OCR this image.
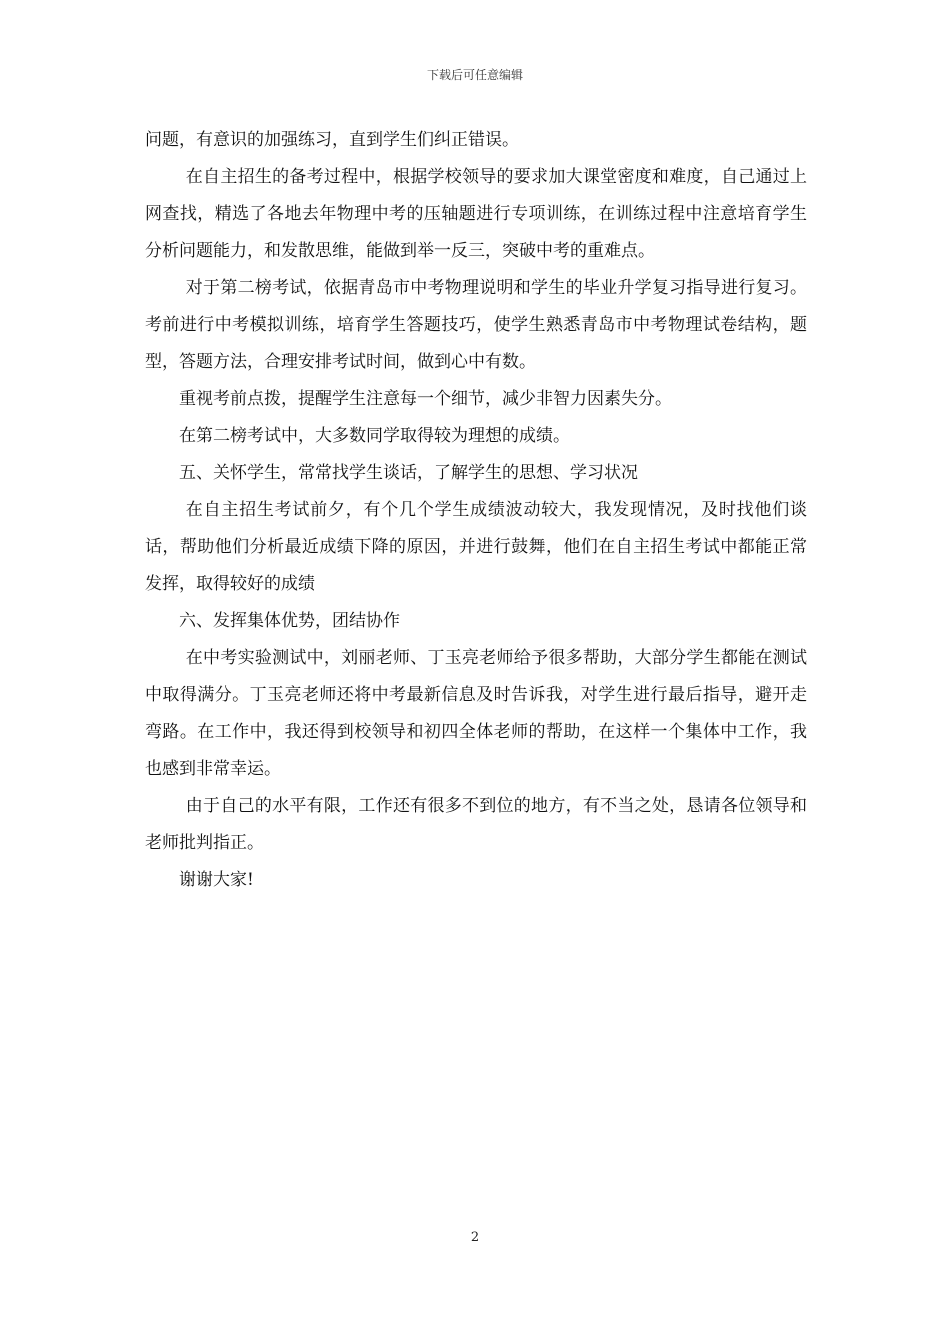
下载后可任意编辑

问题，有意识的加强练习，直到学生们纠正错误。

在自主招生的备考过程中，根据学校领导的要求加大课堂密度和难度，自己通过上网查找，精选了各地去年物理中考的压轴题进行专项训练，在训练过程中注意培育学生分析问题能力，和发散思维，能做到举一反三，突破中考的重难点。

对于第二榜考试，依据青岛市中考物理说明和学生的毕业升学复习指导进行复习。考前进行中考模拟训练，培育学生答题技巧，使学生熟悉青岛市中考物理试卷结构，题型，答题方法，合理安排考试时间，做到心中有数。

重视考前点拨，提醒学生注意每一个细节，减少非智力因素失分。

在第二榜考试中，大多数同学取得较为理想的成绩。

五、关怀学生，常常找学生谈话，了解学生的思想、学习状况

在自主招生考试前夕，有个几个学生成绩波动较大，我发现情况，及时找他们谈话，帮助他们分析最近成绩下降的原因，并进行鼓舞，他们在自主招生考试中都能正常发挥，取得较好的成绩

六、发挥集体优势，团结协作

在中考实验测试中，刘丽老师、丁玉亮老师给予很多帮助，大部分学生都能在测试中取得满分。丁玉亮老师还将中考最新信息及时告诉我，对学生进行最后指导，避开走弯路。在工作中，我还得到校领导和初四全体老师的帮助，在这样一个集体中工作，我也感到非常幸运。

由于自己的水平有限，工作还有很多不到位的地方，有不当之处，恳请各位领导和老师批判指正。

谢谢大家!

2
